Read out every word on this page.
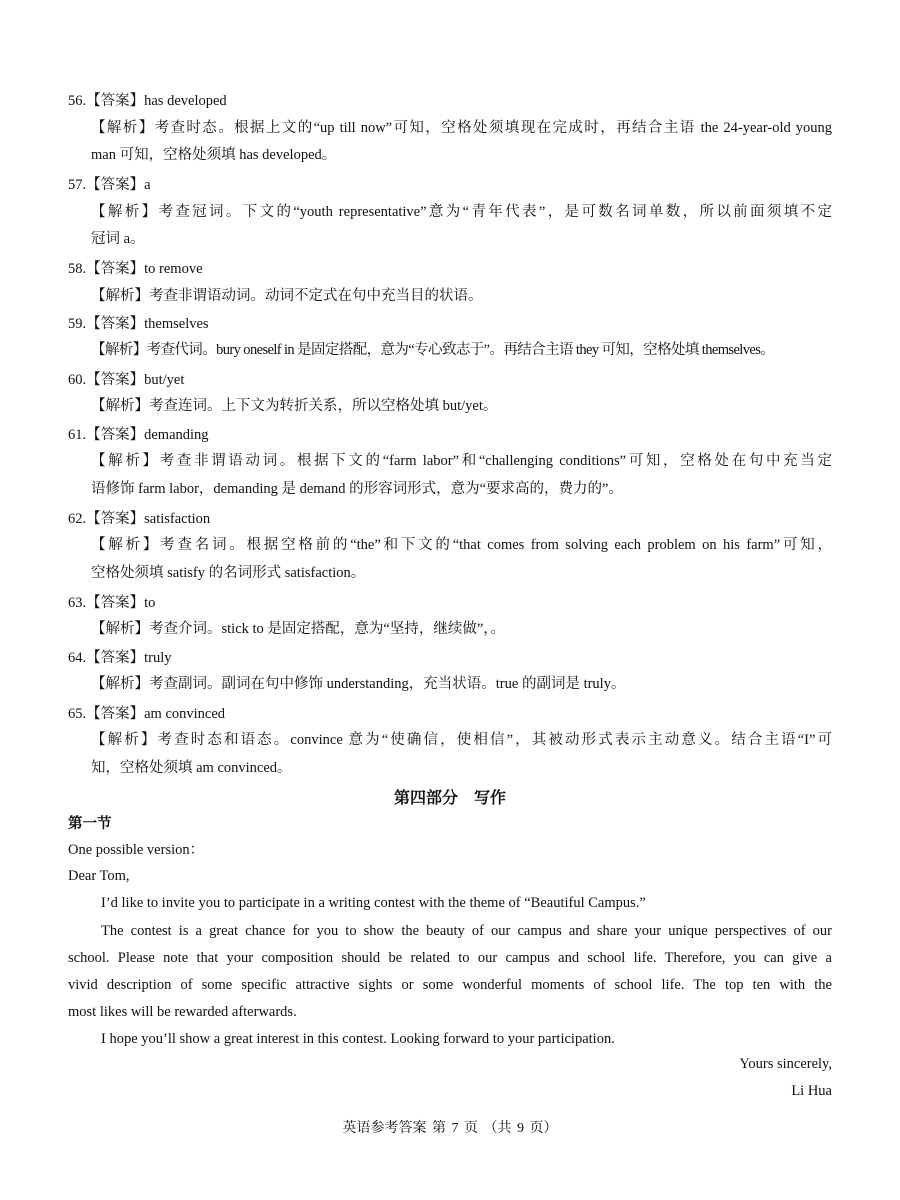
56.【答案】has developed
【解析】考查时态。根据上文的“up till now”可知，空格处须填现在完成时，再结合主语 the 24-year-old young
man 可知，空格处须填 has developed。
57.【答案】a
【解析】考查冠词。下文的“youth representative”意为“青年代表”，是可数名词单数，所以前面须填不定
冠词 a。
58.【答案】to remove
【解析】考查非谓语动词。动词不定式在句中充当目的状语。
59.【答案】themselves
【解析】考查代词。bury oneself in 是固定搭配，意为“专心致志于”。再结合主语 they 可知，空格处填 themselves。
60.【答案】but/yet
【解析】考查连词。上下文为转折关系，所以空格处填 but/yet。
61.【答案】demanding
【解析】考查非谓语动词。根据下文的“farm labor”和“challenging conditions”可知，空格处在句中充当定
语修饰 farm labor，demanding 是 demand 的形容词形式，意为“要求高的，费力的”。
62.【答案】satisfaction
【解析】考查名词。根据空格前的“the”和下文的“that comes from solving each problem on his farm”可知，
空格处须填 satisfy 的名词形式 satisfaction。
63.【答案】to
【解析】考查介词。stick to 是固定搭配，意为“坚持，继续做”，。
64.【答案】truly
【解析】考查副词。副词在句中修饰 understanding，充当状语。true 的副词是 truly。
65.【答案】am convinced
【解析】考查时态和语态。convince 意为“使确信，使相信”，其被动形式表示主动意义。结合主语“I”可
知，空格处须填 am convinced。
第四部分　写作
第一节
One possible version：
Dear Tom,
I’d like to invite you to participate in a writing contest with the theme of “Beautiful Campus.”
The contest is a great chance for you to show the beauty of our campus and share your unique perspectives of our
school. Please note that your composition should be related to our campus and school life. Therefore, you can give a
vivid description of some specific attractive sights or some wonderful moments of school life. The top ten with the
most likes will be rewarded afterwards.
I hope you’ll show a great interest in this contest. Looking forward to your participation.
Yours sincerely,
Li Hua
英语参考答案 第 7 页 （共 9 页）
